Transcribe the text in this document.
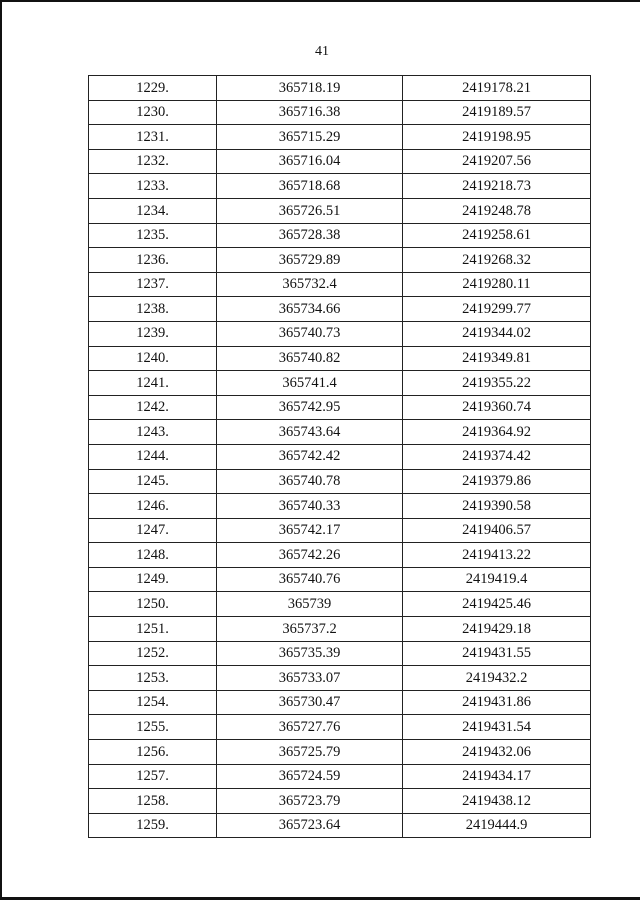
41
1229.	365718.19	2419178.21
1230.	365716.38	2419189.57
1231.	365715.29	2419198.95
1232.	365716.04	2419207.56
1233.	365718.68	2419218.73
1234.	365726.51	2419248.78
1235.	365728.38	2419258.61
1236.	365729.89	2419268.32
1237.	365732.4	2419280.11
1238.	365734.66	2419299.77
1239.	365740.73	2419344.02
1240.	365740.82	2419349.81
1241.	365741.4	2419355.22
1242.	365742.95	2419360.74
1243.	365743.64	2419364.92
1244.	365742.42	2419374.42
1245.	365740.78	2419379.86
1246.	365740.33	2419390.58
1247.	365742.17	2419406.57
1248.	365742.26	2419413.22
1249.	365740.76	2419419.4
1250.	365739	2419425.46
1251.	365737.2	2419429.18
1252.	365735.39	2419431.55
1253.	365733.07	2419432.2
1254.	365730.47	2419431.86
1255.	365727.76	2419431.54
1256.	365725.79	2419432.06
1257.	365724.59	2419434.17
1258.	365723.79	2419438.12
1259.	365723.64	2419444.9
